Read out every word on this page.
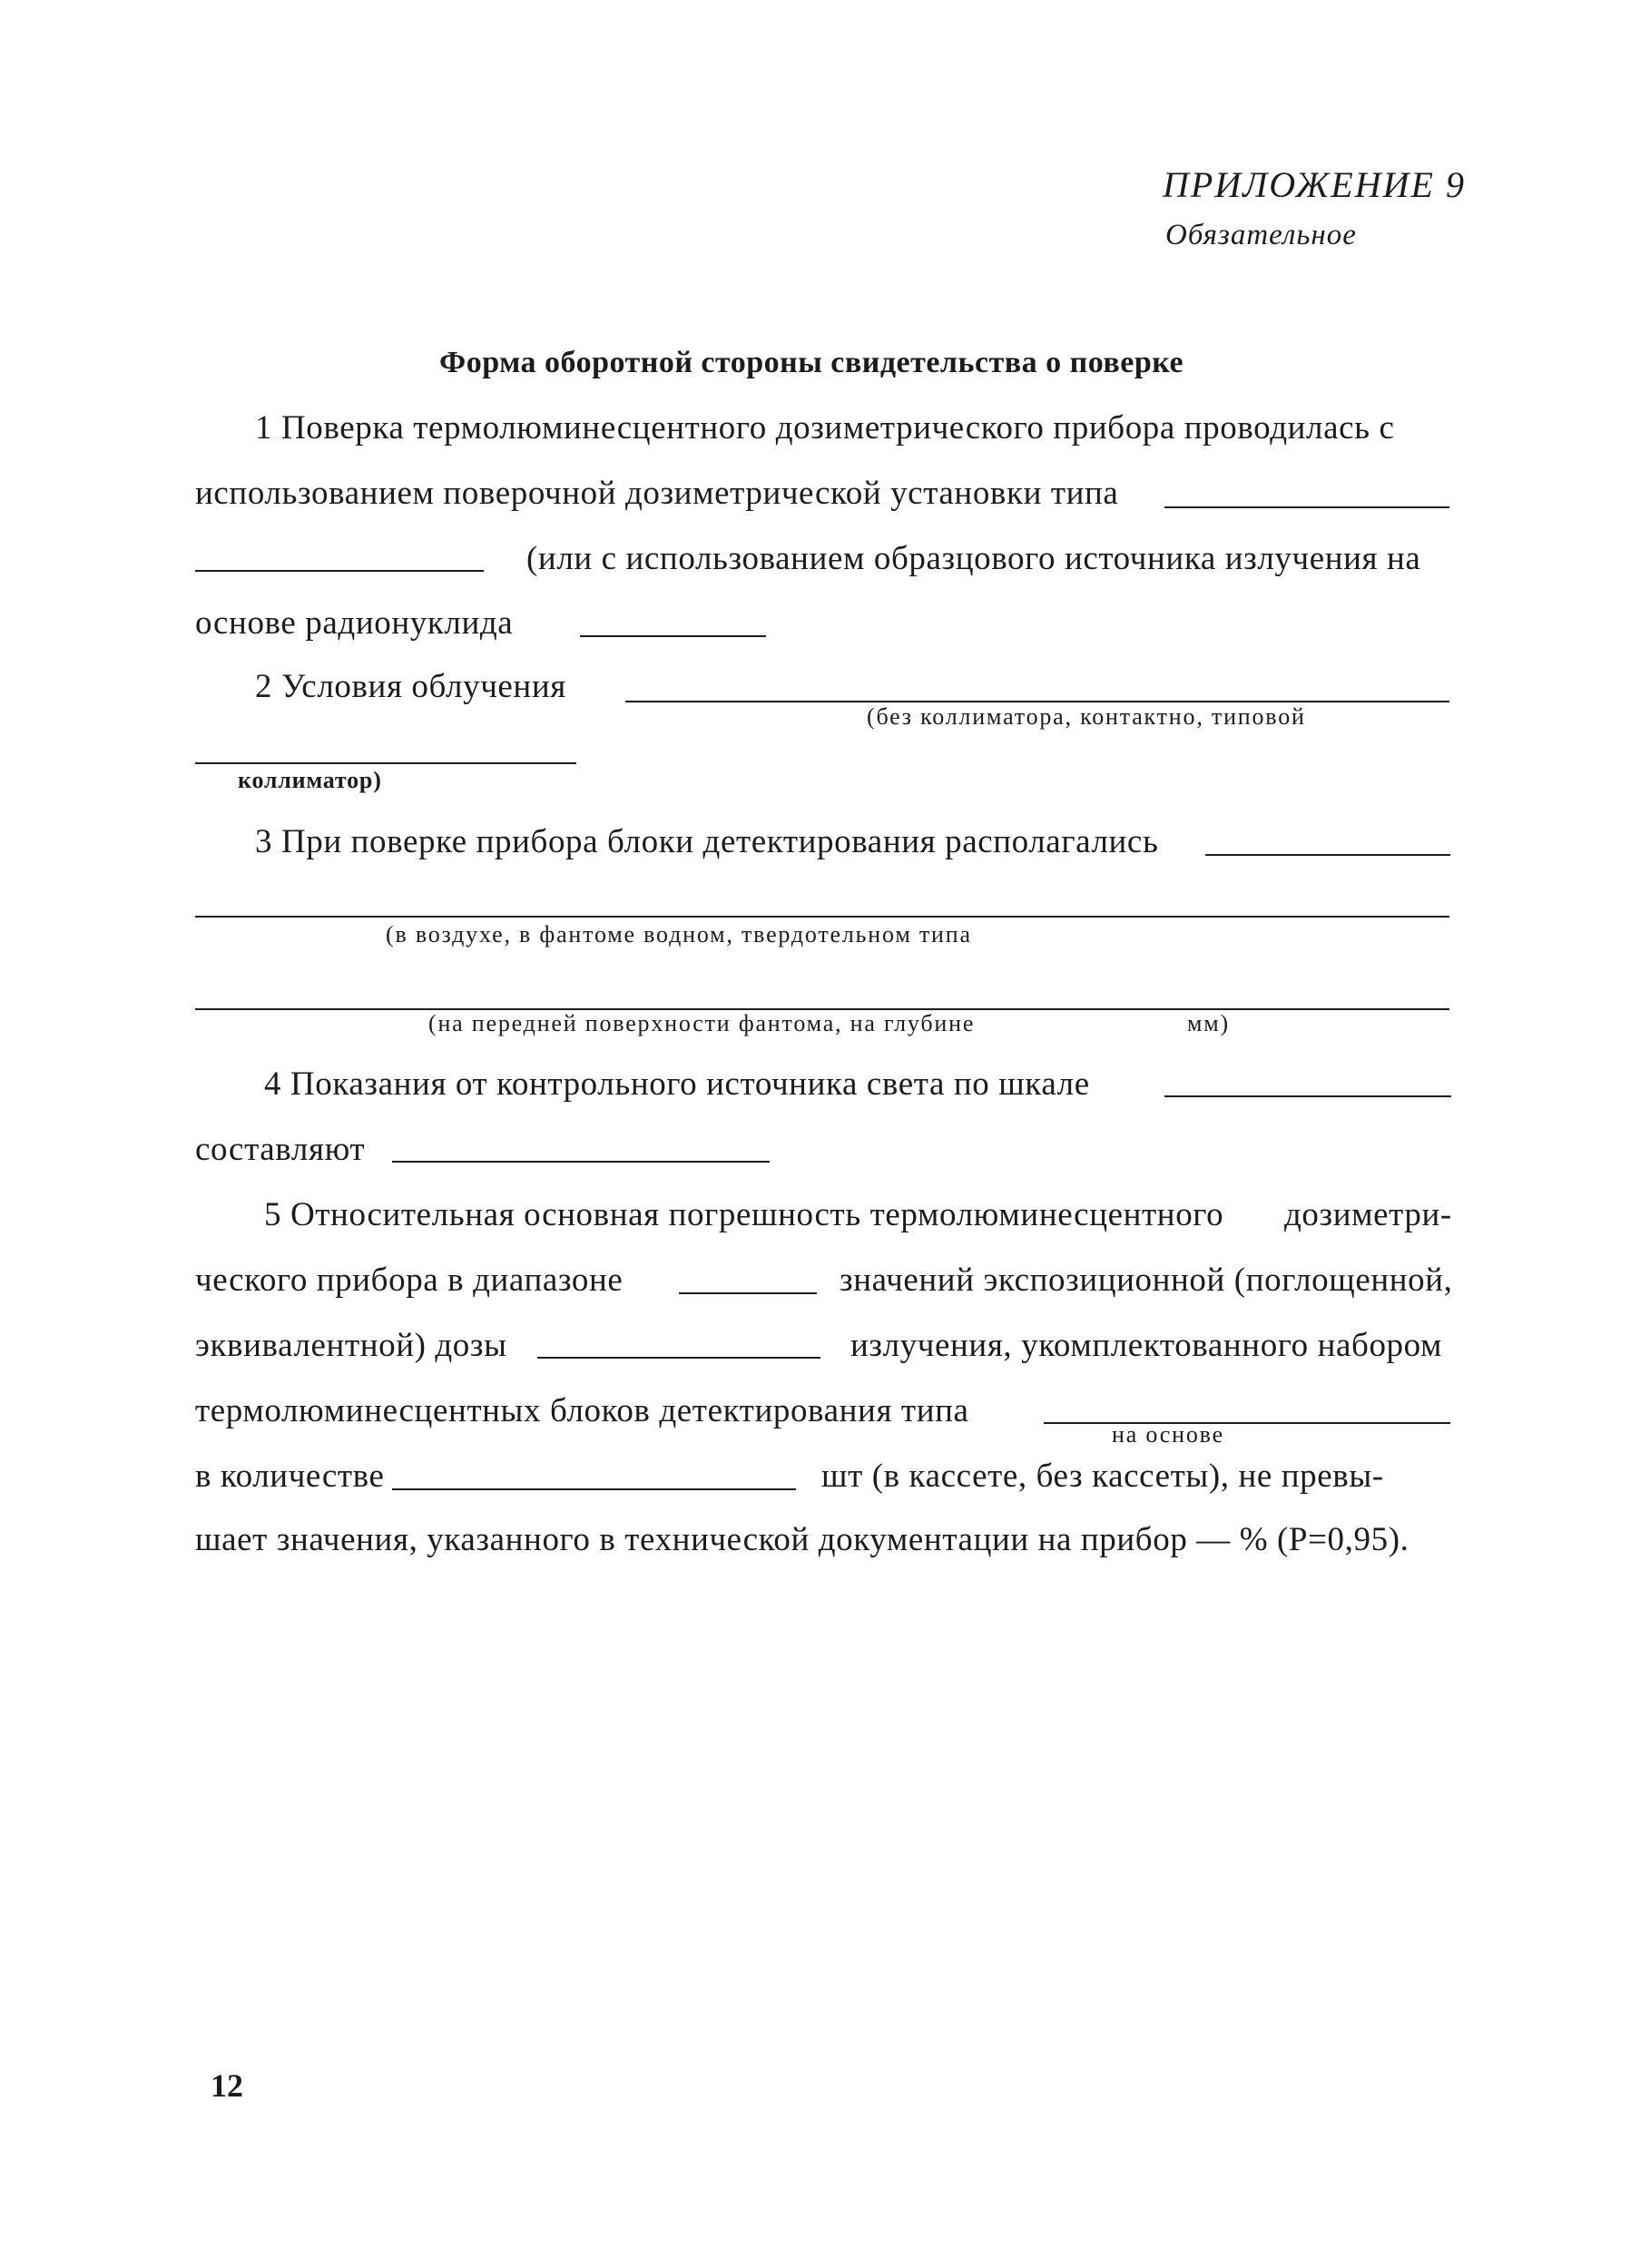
ПРИЛОЖЕНИЕ 9
Обязательное
Форма оборотной стороны свидетельства о поверке
1 Поверка термолюминесцентного дозиметрического прибора проводилась с
использованием поверочной дозиметрической установки типа
(или с использованием образцового источника излучения на
основе радионуклида
2 Условия облучения
(без коллиматора, контактно, типовой
коллиматор)
3 При поверке прибора блоки детектирования располагались
(в воздухе, в фантоме водном, твердотельном типа
(на передней поверхности фантома, на глубине	мм)
4 Показания от контрольного источника света по шкале
составляют
5 Относительная основная погрешность термолюминесцентного дозиметри-
ческого прибора в диапазоне	значений экспозиционной (поглощенной,
эквивалентной) дозы	излучения, укомплектованного набором
термолюминесцентных блоков детектирования типа
на основе
в количестве	шт (в кассете, без кассеты), не превы-
шает значения, указанного в технической документации на прибор — % (P=0,95).
12
